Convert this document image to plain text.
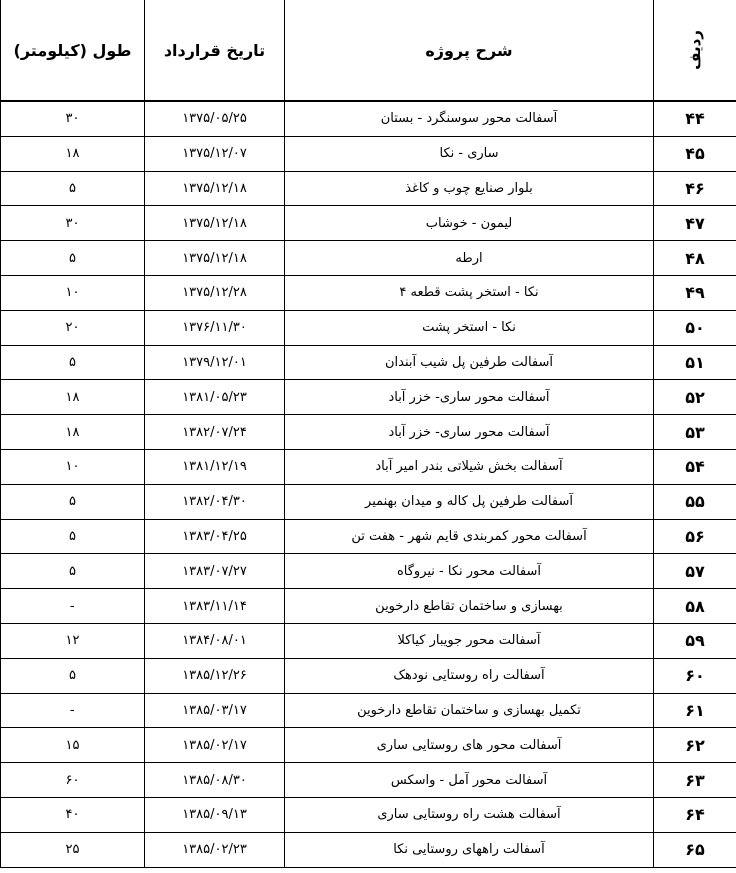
ردیف	شرح پروژه	تاریخ قرارداد	طول (کیلومتر)
۴۴	آسفالت محور سوسنگرد - بستان	۱۳۷۵/۰۵/۲۵	۳۰
۴۵	ساری - نکا	۱۳۷۵/۱۲/۰۷	۱۸
۴۶	بلوار صنایع چوب و کاغذ	۱۳۷۵/۱۲/۱۸	۵
۴۷	لیمون - خوشاب	۱۳۷۵/۱۲/۱۸	۳۰
۴۸	ارطه	۱۳۷۵/۱۲/۱۸	۵
۴۹	نکا - استخر پشت قطعه ۴	۱۳۷۵/۱۲/۲۸	۱۰
۵۰	نکا - استخر پشت	۱۳۷۶/۱۱/۳۰	۲۰
۵۱	آسفالت طرفین پل شیب آبندان	۱۳۷۹/۱۲/۰۱	۵
۵۲	آسفالت محور ساری- خزر آباد	۱۳۸۱/۰۵/۲۳	۱۸
۵۳	آسفالت محور ساری- خزر آباد	۱۳۸۲/۰۷/۲۴	۱۸
۵۴	آسفالت بخش شیلاتی بندر امیر آباد	۱۳۸۱/۱۲/۱۹	۱۰
۵۵	آسفالت طرفین پل کاله و میدان بهنمیر	۱۳۸۲/۰۴/۳۰	۵
۵۶	آسفالت محور کمربندی قایم شهر - هفت تن	۱۳۸۳/۰۴/۲۵	۵
۵۷	آسفالت محور نکا - نیروگاه	۱۳۸۳/۰۷/۲۷	۵
۵۸	بهسازی و ساختمان تقاطع دارخوین	۱۳۸۳/۱۱/۱۴	-
۵۹	آسفالت محور جویبار کیاکلا	۱۳۸۴/۰۸/۰۱	۱۲
۶۰	آسفالت راه روستایی نودهک	۱۳۸۵/۱۲/۲۶	۵
۶۱	تکمیل بهسازی و ساختمان تقاطع دارخوین	۱۳۸۵/۰۳/۱۷	-
۶۲	آسفالت محور های روستایی ساری	۱۳۸۵/۰۲/۱۷	۱۵
۶۳	آسفالت محور آمل - واسکس	۱۳۸۵/۰۸/۳۰	۶۰
۶۴	آسفالت هشت راه روستایی ساری	۱۳۸۵/۰۹/۱۳	۴۰
۶۵	آسفالت راههای روستایی نکا	۱۳۸۵/۰۲/۲۳	۲۵
